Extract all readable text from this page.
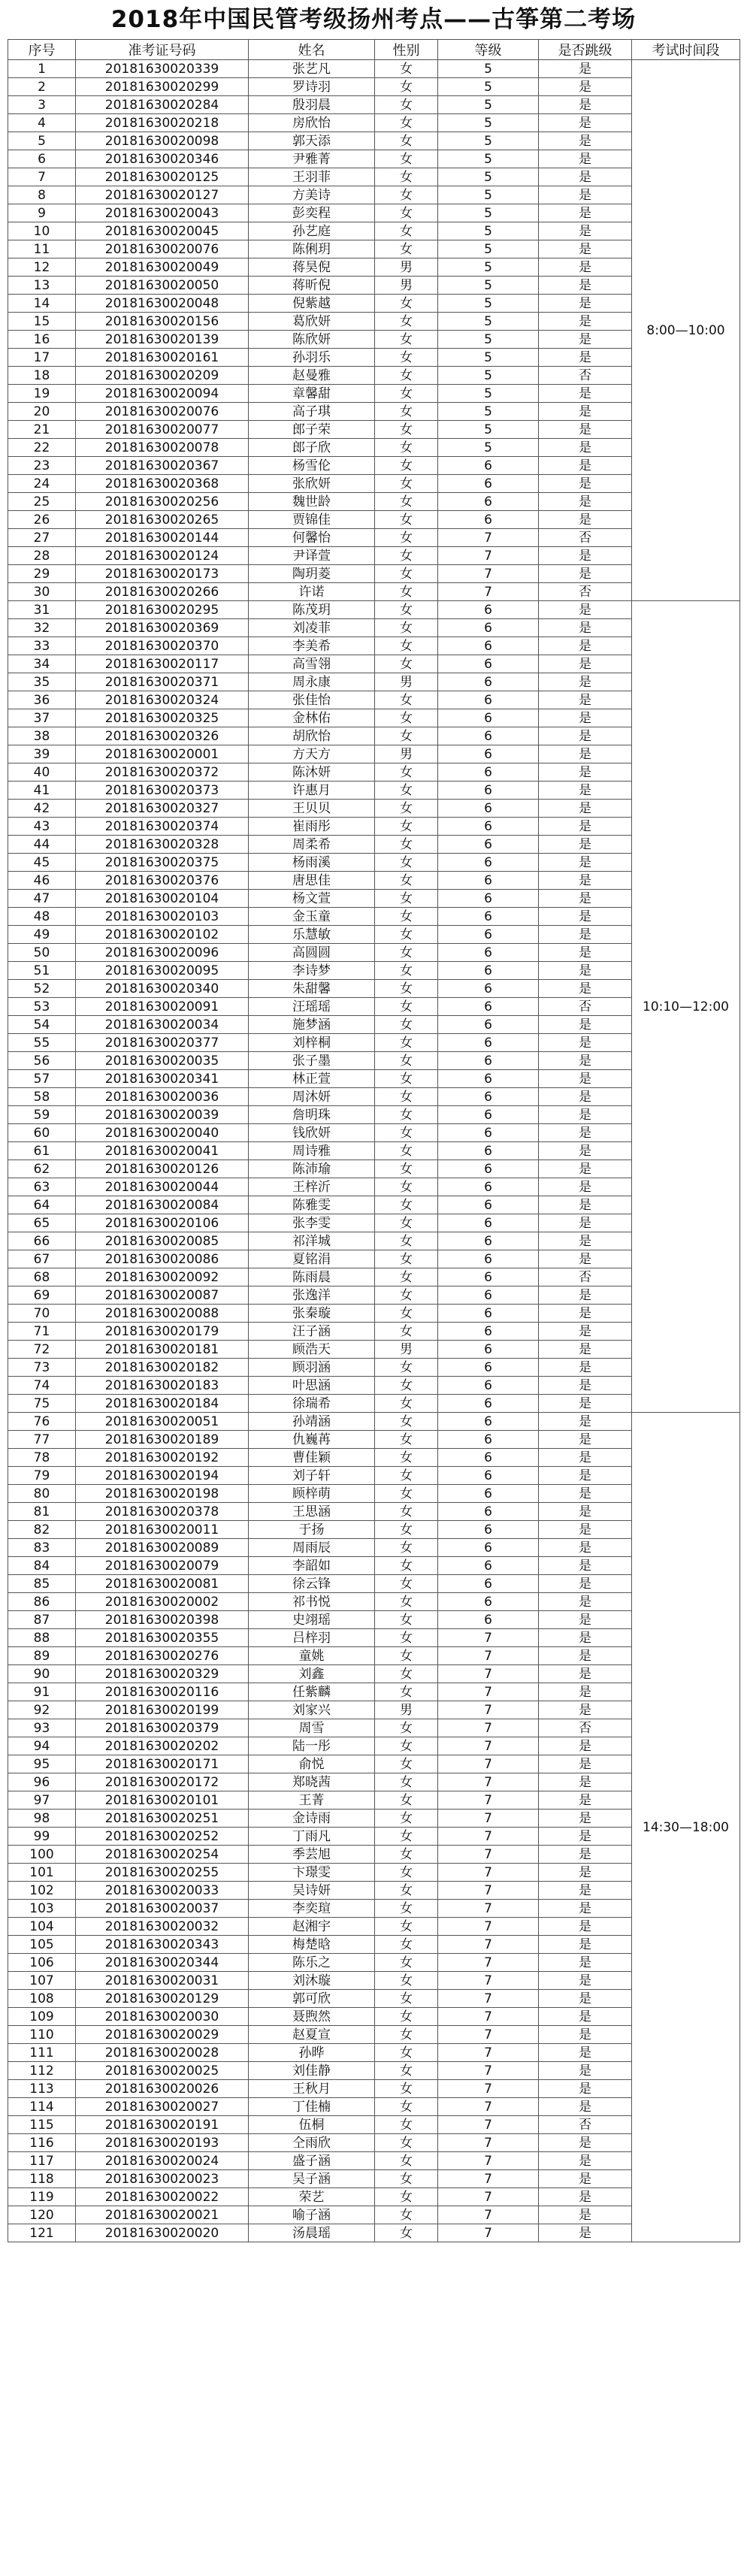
2018年中国民管考级扬州考点——古筝第二考场
序号	准考证号码	姓名	性别	等级	是否跳级	考试时间段
1	20181630020339	张艺凡	女	5	是	8:00—10:00
2	20181630020299	罗诗羽	女	5	是	
3	20181630020284	殷羽晨	女	5	是	
4	20181630020218	房欣怡	女	5	是	
5	20181630020098	郭天添	女	5	是	
6	20181630020346	尹雅菁	女	5	是	
7	20181630020125	王羽菲	女	5	是	
8	20181630020127	方美诗	女	5	是	
9	20181630020043	彭奕程	女	5	是	
10	20181630020045	孙艺庭	女	5	是	
11	20181630020076	陈俐玥	女	5	是	
12	20181630020049	蒋昊倪	男	5	是	
13	20181630020050	蒋昕倪	男	5	是	
14	20181630020048	倪紫越	女	5	是	
15	20181630020156	葛欣妍	女	5	是	
16	20181630020139	陈欣妍	女	5	是	
17	20181630020161	孙羽乐	女	5	是	
18	20181630020209	赵曼雅	女	5	否	
19	20181630020094	章馨甜	女	5	是	
20	20181630020076	高子琪	女	5	是	
21	20181630020077	郎子荣	女	5	是	
22	20181630020078	郎子欣	女	5	是	
23	20181630020367	杨雪伦	女	6	是	
24	20181630020368	张欣妍	女	6	是	
25	20181630020256	魏世龄	女	6	是	
26	20181630020265	贾锦佳	女	6	是	
27	20181630020144	何馨怡	女	7	否	
28	20181630020124	尹译萱	女	7	是	
29	20181630020173	陶玥菱	女	7	是	
30	20181630020266	许诺	女	7	否	
31	20181630020295	陈茂玥	女	6	是	10:10—12:00
32	20181630020369	刘凌菲	女	6	是	
33	20181630020370	李美希	女	6	是	
34	20181630020117	高雪翎	女	6	是	
35	20181630020371	周永康	男	6	是	
36	20181630020324	张佳怡	女	6	是	
37	20181630020325	金林佑	女	6	是	
38	20181630020326	胡欣怡	女	6	是	
39	20181630020001	方天方	男	6	是	
40	20181630020372	陈沐妍	女	6	是	
41	20181630020373	许惠月	女	6	是	
42	20181630020327	王贝贝	女	6	是	
43	20181630020374	崔雨彤	女	6	是	
44	20181630020328	周柔希	女	6	是	
45	20181630020375	杨雨溪	女	6	是	
46	20181630020376	唐思佳	女	6	是	
47	20181630020104	杨文萱	女	6	是	
48	20181630020103	金玉童	女	6	是	
49	20181630020102	乐慧敏	女	6	是	
50	20181630020096	高圆圆	女	6	是	
51	20181630020095	李诗梦	女	6	是	
52	20181630020340	朱甜馨	女	6	是	
53	20181630020091	汪瑶瑶	女	6	否	
54	20181630020034	施梦涵	女	6	是	
55	20181630020377	刘梓桐	女	6	是	
56	20181630020035	张子墨	女	6	是	
57	20181630020341	林正萱	女	6	是	
58	20181630020036	周沐妍	女	6	是	
59	20181630020039	詹明珠	女	6	是	
60	20181630020040	钱欣妍	女	6	是	
61	20181630020041	周诗雅	女	6	是	
62	20181630020126	陈沛瑜	女	6	是	
63	20181630020044	王梓沂	女	6	是	
64	20181630020084	陈雅雯	女	6	是	
65	20181630020106	张李雯	女	6	是	
66	20181630020085	祁洋城	女	6	是	
67	20181630020086	夏铭涓	女	6	是	
68	20181630020092	陈雨晨	女	6	否	
69	20181630020087	张逸洋	女	6	是	
70	20181630020088	张秦璇	女	6	是	
71	20181630020179	汪子涵	女	6	是	
72	20181630020181	顾浩天	男	6	是	
73	20181630020182	顾羽涵	女	6	是	
74	20181630020183	叶思涵	女	6	是	
75	20181630020184	徐瑞希	女	6	是	
76	20181630020051	孙靖涵	女	6	是	14:30—18:00
77	20181630020189	仇巍苒	女	6	是	
78	20181630020192	曹佳颖	女	6	是	
79	20181630020194	刘子轩	女	6	是	
80	20181630020198	顾梓萌	女	6	是	
81	20181630020378	王思涵	女	6	是	
82	20181630020011	于扬	女	6	是	
83	20181630020089	周雨辰	女	6	是	
84	20181630020079	李韶如	女	6	是	
85	20181630020081	徐云锋	女	6	是	
86	20181630020002	祁书悦	女	6	是	
87	20181630020398	史翊瑶	女	6	是	
88	20181630020355	吕梓羽	女	7	是	
89	20181630020276	童姚	女	7	是	
90	20181630020329	刘鑫	女	7	是	
91	20181630020116	任紫麟	女	7	是	
92	20181630020199	刘家兴	男	7	是	
93	20181630020379	周雪	女	7	否	
94	20181630020202	陆一彤	女	7	是	
95	20181630020171	俞悦	女	7	是	
96	20181630020172	郑晓茜	女	7	是	
97	20181630020101	王菁	女	7	是	
98	20181630020251	金诗雨	女	7	是	
99	20181630020252	丁雨凡	女	7	是	
100	20181630020254	季芸旭	女	7	是	
101	20181630020255	卞璟雯	女	7	是	
102	20181630020033	吴诗妍	女	7	是	
103	20181630020037	李奕瑄	女	7	是	
104	20181630020032	赵湘宇	女	7	是	
105	20181630020343	梅楚晗	女	7	是	
106	20181630020344	陈乐之	女	7	是	
107	20181630020031	刘沐璇	女	7	是	
108	20181630020129	郭可欣	女	7	是	
109	20181630020030	聂煦然	女	7	是	
110	20181630020029	赵夏宣	女	7	是	
111	20181630020028	孙晔	女	7	是	
112	20181630020025	刘佳静	女	7	是	
113	20181630020026	王秋月	女	7	是	
114	20181630020027	丁佳楠	女	7	是	
115	20181630020191	伍桐	女	7	否	
116	20181630020193	仝雨欣	女	7	是	
117	20181630020024	盛子涵	女	7	是	
118	20181630020023	吴子涵	女	7	是	
119	20181630020022	荣艺	女	7	是	
120	20181630020021	喻子涵	女	7	是	
121	20181630020020	汤晨瑶	女	7	是	
